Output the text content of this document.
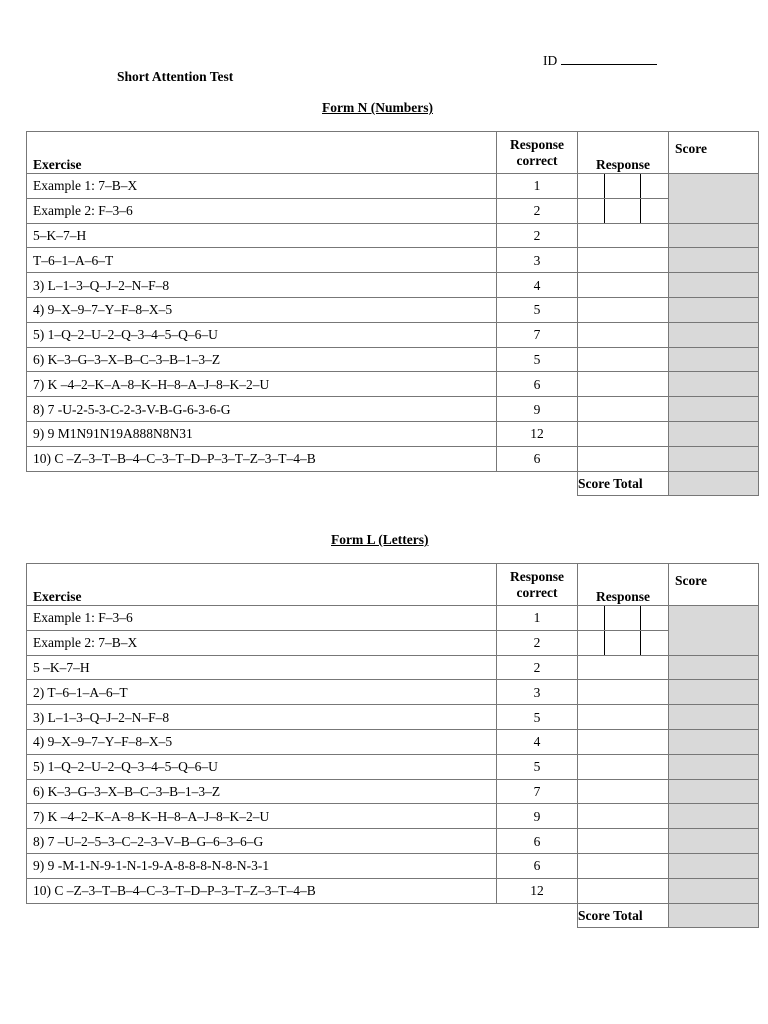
ID
Short Attention Test
Form N (Numbers)
Exercise	Response correct	Response	Score
Example 1: 7–B–X	1	

Example 2: F–3–6	2		

5–K–7–H	2		
T–6–1–A–6–T	3		
3) L–1–3–Q–J–2–N–F–8	4		
4) 9–X–9–7–Y–F–8–X–5	5		
5) 1–Q–2–U–2–Q–3–4–5–Q–6–U	7		
6) K–3–G–3–X–B–C–3–B–1–3–Z	5		
7) K –4–2–K–A–8–K–H–8–A–J–8–K–2–U	6		
8) 7 -U-2-5-3-C-2-3-V-B-G-6-3-6-G	9		
9) 9 M1N91N19A888N8N31	12		
10) C –Z–3–T–B–4–C–3–T–D–P–3–T–Z–3–T–4–B	6		
		Score Total	
Form L (Letters)
Exercise	Response correct	Response	Score
Example 1: F–3–6	1	

Example 2: 7–B–X	2		

5 –K–7–H	2		
2) T–6–1–A–6–T	3		
3) L–1–3–Q–J–2–N–F–8	5		
4) 9–X–9–7–Y–F–8–X–5	4		
5) 1–Q–2–U–2–Q–3–4–5–Q–6–U	5		
6) K–3–G–3–X–B–C–3–B–1–3–Z	7		
7) K –4–2–K–A–8–K–H–8–A–J–8–K–2–U	9		
8) 7 –U–2–5–3–C–2–3–V–B–G–6–3–6–G	6		
9) 9 -M-1-N-9-1-N-1-9-A-8-8-8-N-8-N-3-1	6		
10) C –Z–3–T–B–4–C–3–T–D–P–3–T–Z–3–T–4–B	12		
		Score Total	
